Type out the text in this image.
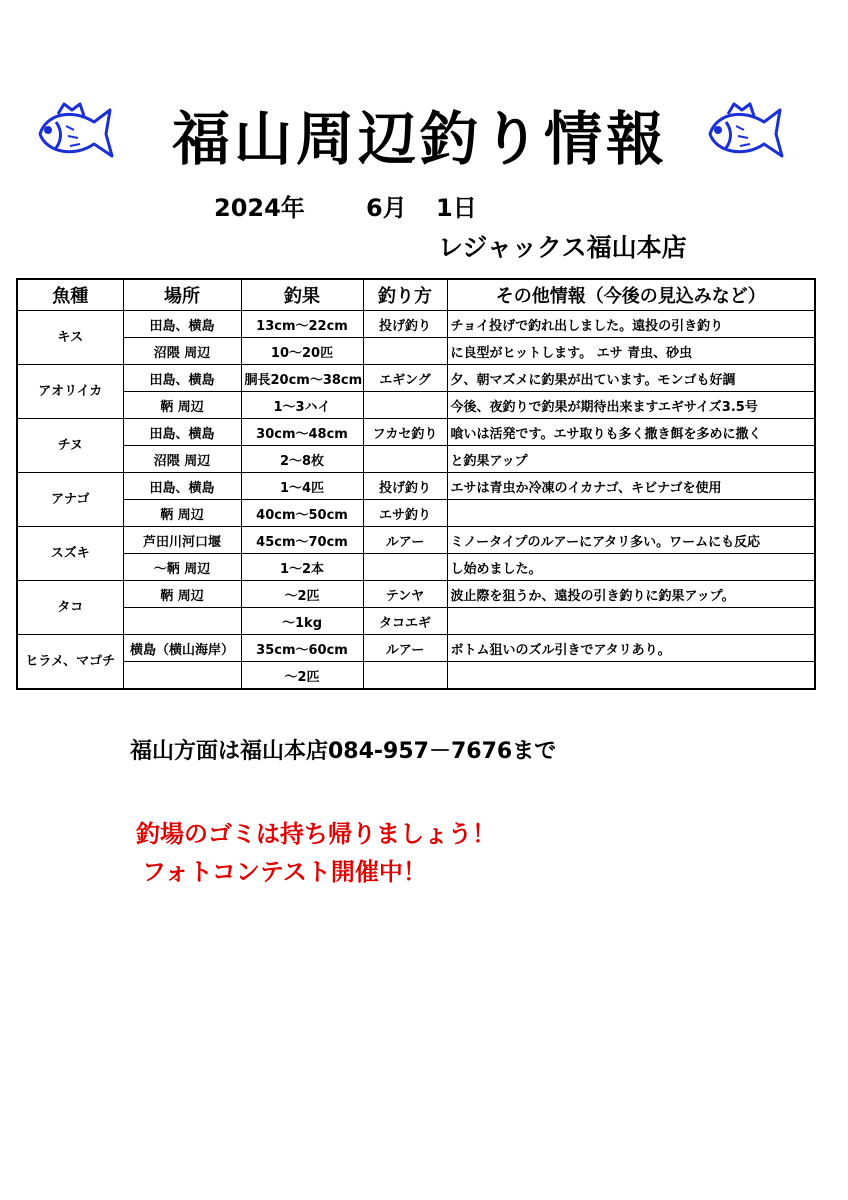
福山周辺釣り情報
2024年	6月 1日
レジャックス福山本店
魚種	場所	釣果	釣り方	その他情報（今後の見込みなど）
キス	田島、横島	13cm～22cm	投げ釣り	チョイ投げで釣れ出しました。遠投の引き釣り
	沼隈 周辺	10～20匹		に良型がヒットします。 エサ 青虫、砂虫
アオリイカ	田島、横島	胴長20cm～38cm	エギング	夕、朝マズメに釣果が出ています。モンゴも好調
	鞆 周辺	1～3ハイ		今後、夜釣りで釣果が期待出来ますエギサイズ3.5号
チヌ	田島、横島	30cm～48cm	フカセ釣り	喰いは活発です。エサ取りも多く撒き餌を多めに撒く
	沼隈 周辺	2～8枚		と釣果アップ
アナゴ	田島、横島	1～4匹	投げ釣り	エサは青虫か冷凍のイカナゴ、キビナゴを使用
	鞆 周辺	40cm～50cm	エサ釣り	
スズキ	芦田川河口堰	45cm～70cm	ルアー	ミノータイプのルアーにアタリ多い。ワームにも反応
	～鞆 周辺	1～2本		し始めました。
タコ	鞆 周辺	～2匹	テンヤ	波止際を狙うか、遠投の引き釣りに釣果アップ。
		～1kg	タコエギ	
ヒラメ、マゴチ	横島（横山海岸）	35cm～60cm	ルアー	ボトム狙いのズル引きでアタリあり。
		～2匹		
福山方面は福山本店084-957－7676まで
釣場のゴミは持ち帰りましょう！
フォトコンテスト開催中！
